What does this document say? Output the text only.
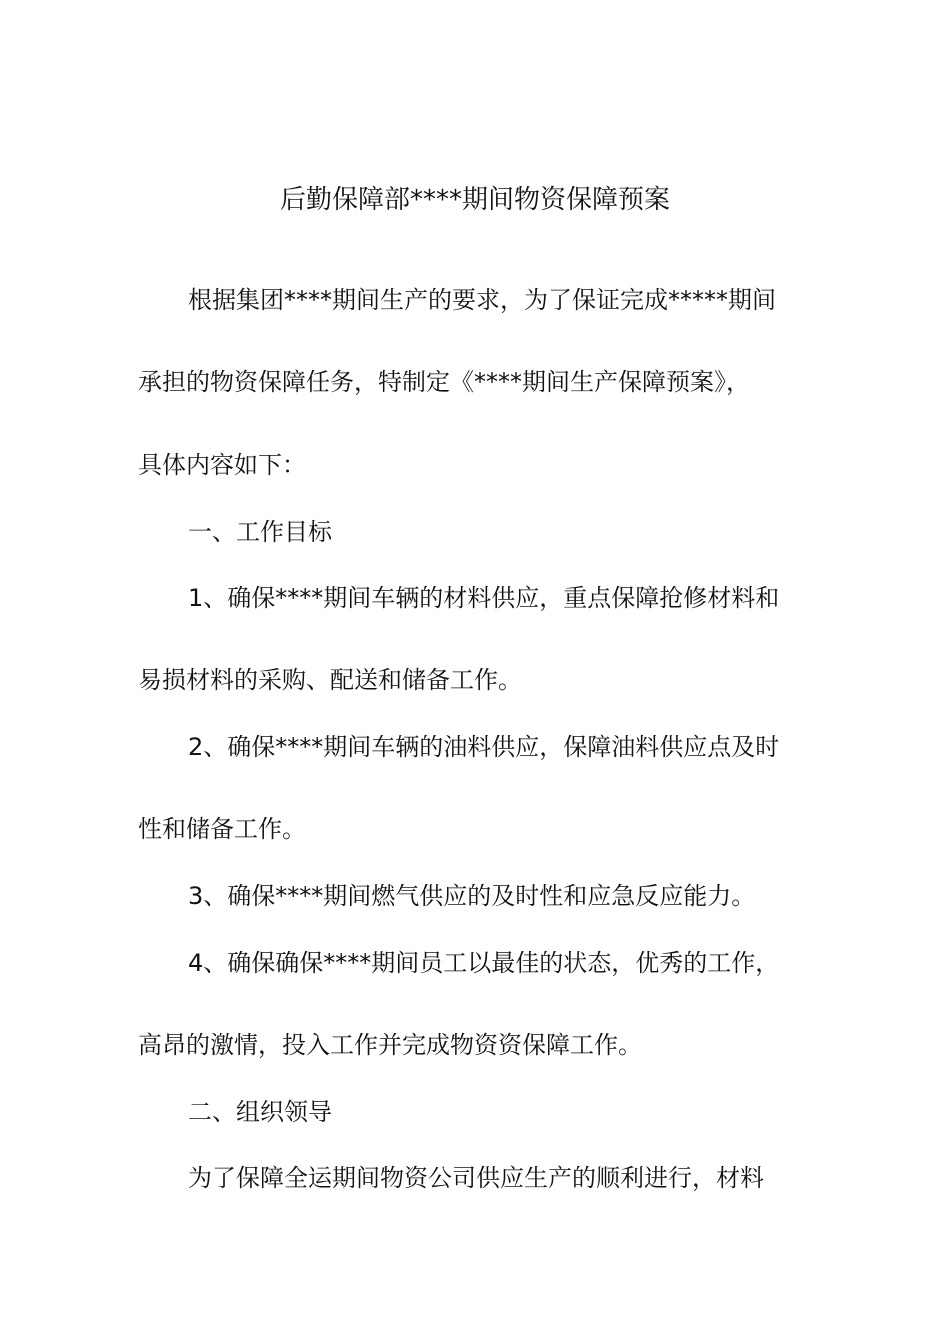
后勤保障部****期间物资保障预案
根据集团****期间生产的要求，为了保证完成*****期间
承担的物资保障任务，特制定《****期间生产保障预案》，
具体内容如下：
一、工作目标
1、确保****期间车辆的材料供应，重点保障抢修材料和
易损材料的采购、配送和储备工作。
2、确保****期间车辆的油料供应，保障油料供应点及时
性和储备工作。
3、确保****期间燃气供应的及时性和应急反应能力。
4、确保确保****期间员工以最佳的状态，优秀的工作，
高昂的激情，投入工作并完成物资资保障工作。
二、组织领导
为了保障全运期间物资公司供应生产的顺利进行，材料
